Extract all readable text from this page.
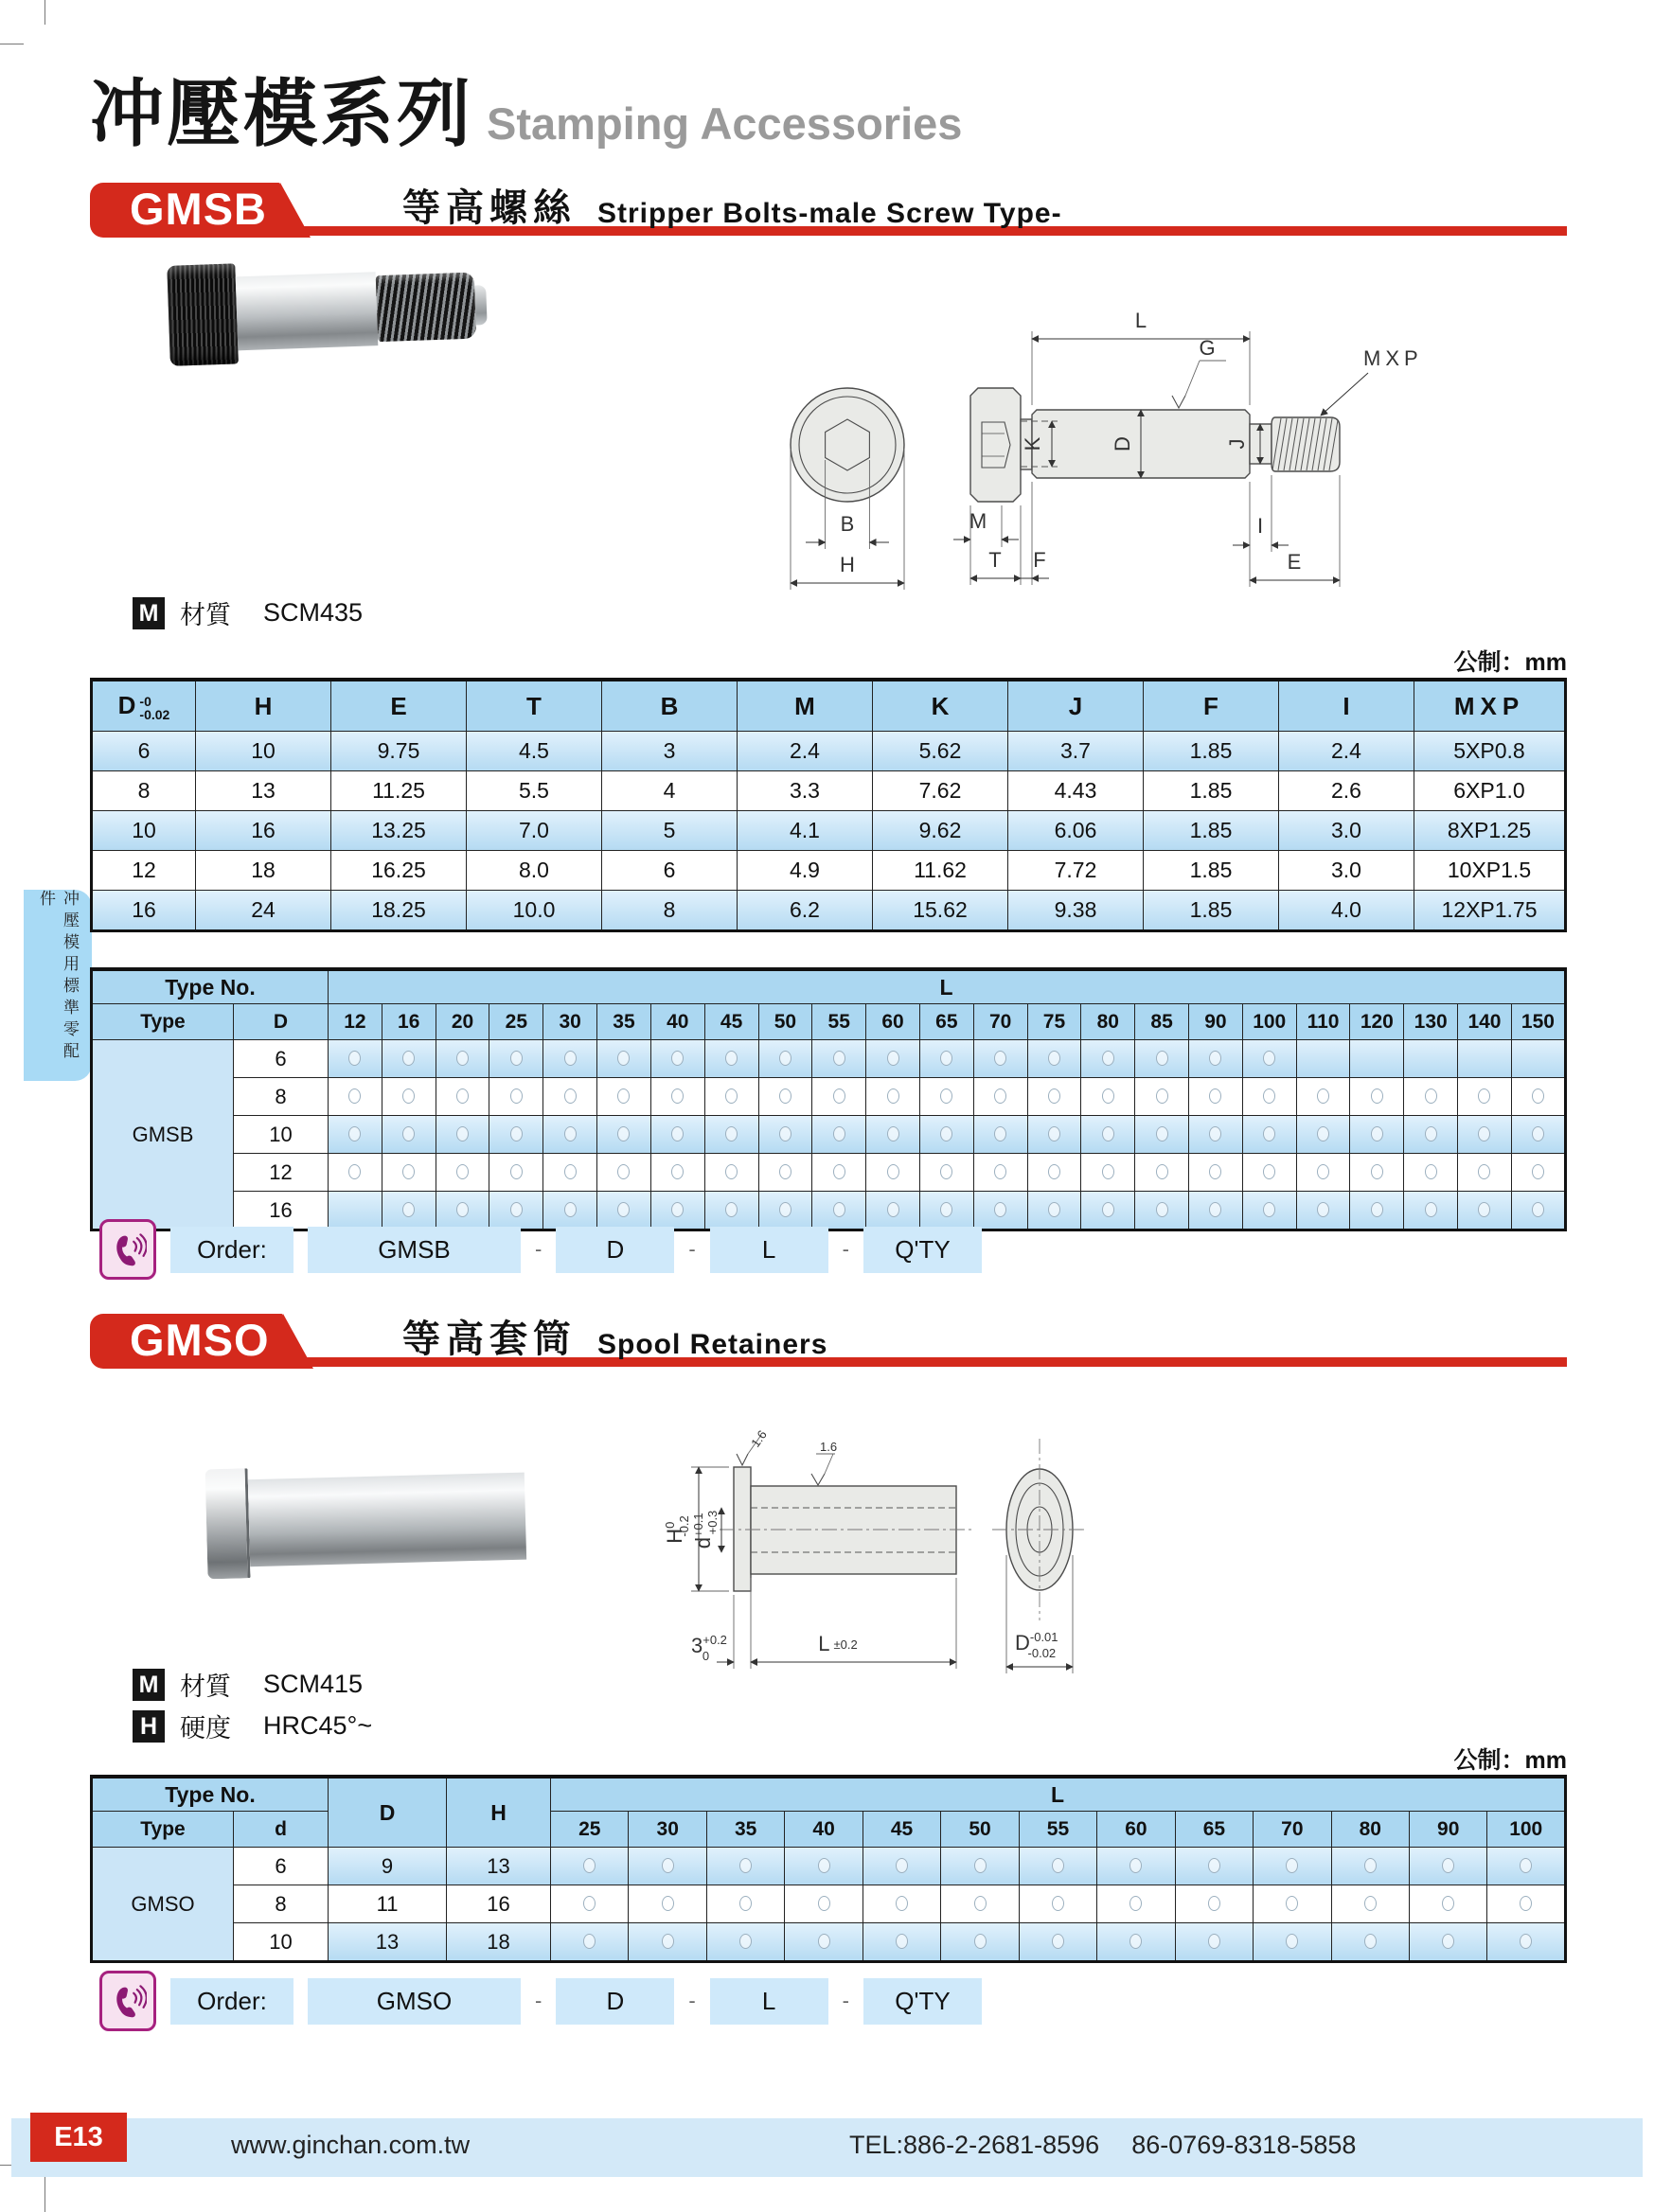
冲壓模系列 Stamping Accessories
冲壓模用標準零配件
GMSB	等高螺絲 Stripper Bolts-male Screw Type-
B
H
K	D	J
L
G	MXP
M
T F
I
E
M 材質 SCM435
公制：mm
D -0
-0.02	H	E	T	B	M	K	J	F	I	MXP
6	10	9.75	4.5	3	2.4	5.62	3.7	1.85	2.4	5XP0.8
8	13	11.25	5.5	4	3.3	7.62	4.43	1.85	2.6	6XP1.0
10	16	13.25	7.0	5	4.1	9.62	6.06	1.85	3.0	8XP1.25
12	18	16.25	8.0	6	4.9	11.62	7.72	1.85	3.0	10XP1.5
16	24	18.25	10.0	8	6.2	15.62	9.38	1.85	4.0	12XP1.75
Type No.		L																						
Type	D	12	16	20	25	30	35	40	45	50	55	60	65	70	75	80	85	90	100	110	120	130	140	150
GMSB	6																							
	8																							
	10																							
	12																							
	16																							
Order:	GMSB	-	D	-	L	-	Q'TY
GMSO	等高套筒 Spool Retainers
$H^0-0.2$
$d^{+0.1}+0.3$
1.6	1.6
$3^{+0.2}$ 0
L ±0.2	$D^{-0.01}$ -0.02
M 材質 SCM415
H 硬度 HRC45°~
公制：mm
Type No.		D	H	L												
Type	d			25	30	35	40	45	50	55	60	65	70	80	90	100
GMSO	6	9	13													
	8	11	16													
	10	13	18													
Order:	GMSO	-	D	-	L	-	Q'TY
E13	www.ginchan.com.tw	TEL:886-2-2681-8596 86-0769-8318-5858
